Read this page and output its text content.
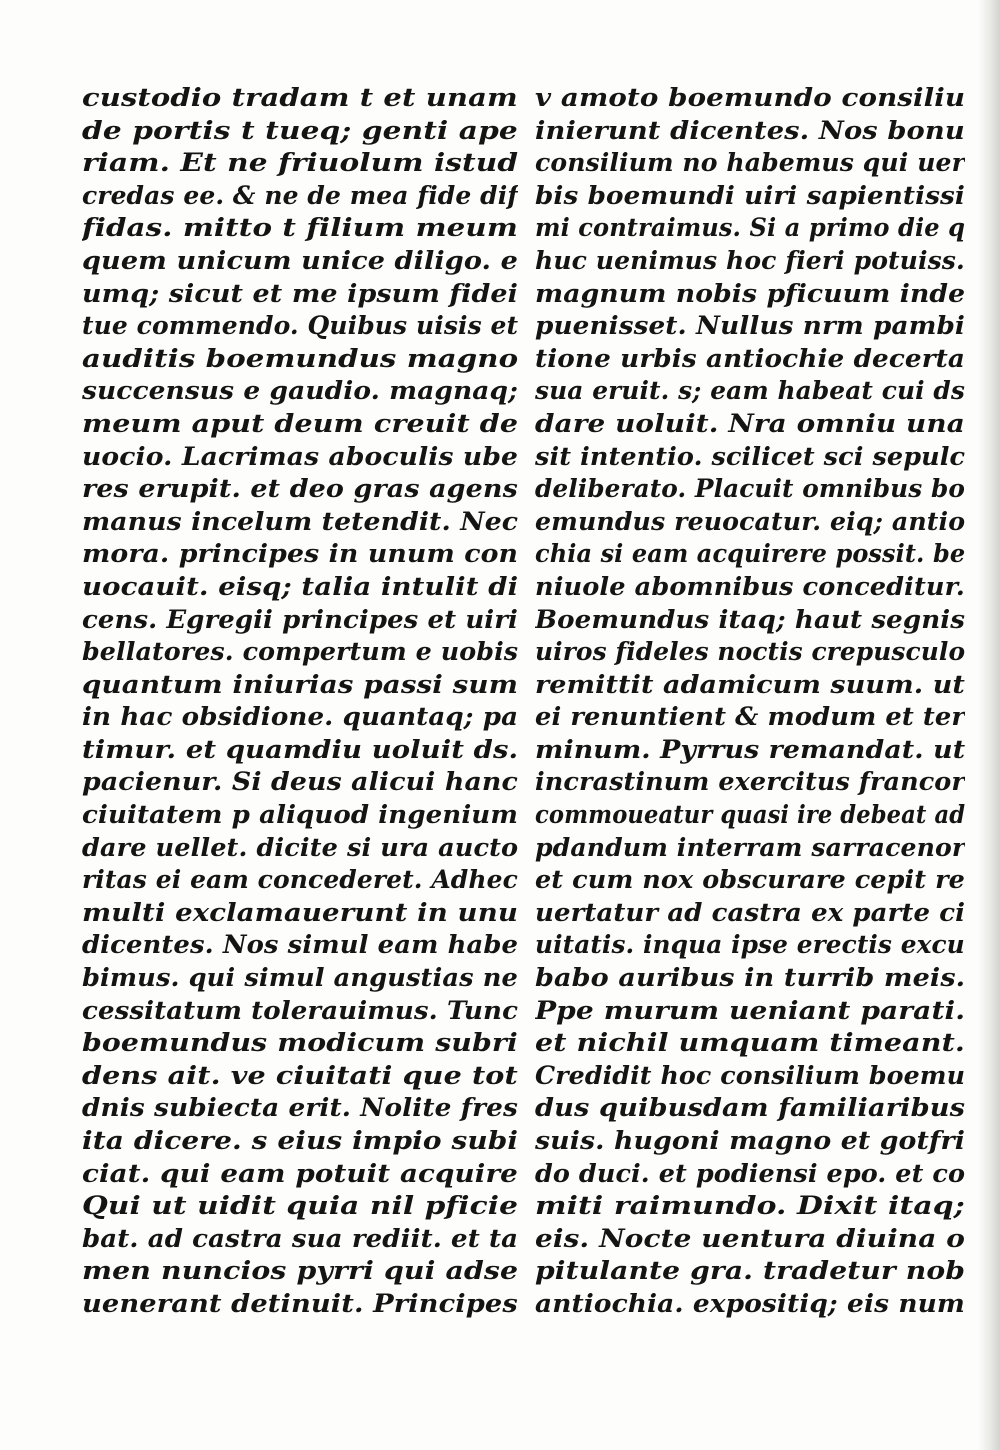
custodio tradam t et unam
de portis t tueq; genti ape
riam. Et ne friuolum istud
credas ee. & ne de mea fide dif
fidas. mitto t filium meum
quem unicum unice diligo. e
umq; sicut et me ipsum fidei
tue commendo. Quibus uisis et
auditis boemundus magno
succensus e gaudio. magnaq;
meum aput deum creuit de
uocio. Lacrimas aboculis ube
res erupit. et deo gras agens
manus incelum tetendit. Nec
mora. principes in unum con
uocauit. eisq; talia intulit di
cens. Egregii principes et uiri
bellatores. compertum e uobis
quantum iniurias passi sum
in hac obsidione. quantaq; pa
timur. et quamdiu uoluit ds.
pacienur. Si deus alicui hanc
ciuitatem p aliquod ingenium
dare uellet. dicite si ura aucto
ritas ei eam concederet. Adhec
multi exclamauerunt in unu
dicentes. Nos simul eam habe
bimus. qui simul angustias ne
cessitatum tolerauimus. Tunc
boemundus modicum subri
dens ait. ve ciuitati que tot
dnis subiecta erit. Nolite fres
ita dicere. s eius impio subi
ciat. qui eam potuit acquire
Qui ut uidit quia nil pficie
bat. ad castra sua rediit. et ta
men nuncios pyrri qui adse
uenerant detinuit. Principes
v amoto boemundo consiliu
inierunt dicentes. Nos bonu
consilium no habemus qui uer
bis boemundi uiri sapientissi
mi contraimus. Si a primo die q
huc uenimus hoc fieri potuiss.
magnum nobis pficuum inde
puenisset. Nullus nrm pambi
tione urbis antiochie decerta
sua eruit. s; eam habeat cui ds
dare uoluit. Nra omniu una
sit intentio. scilicet sci sepulc
deliberato. Placuit omnibus bo
emundus reuocatur. eiq; antio
chia si eam acquirere possit. be
niuole abomnibus conceditur.
Boemundus itaq; haut segnis
uiros fideles noctis crepusculo
remittit adamicum suum. ut
ei renuntient & modum et ter
minum. Pyrrus remandat. ut
incrastinum exercitus francor
commoueatur quasi ire debeat ad
pdandum interram sarracenor
et cum nox obscurare cepit re
uertatur ad castra ex parte ci
uitatis. inqua ipse erectis excu
babo auribus in turrib meis.
Ppe murum ueniant parati.
et nichil umquam timeant.
Credidit hoc consilium boemu
dus quibusdam familiaribus
suis. hugoni magno et gotfri
do duci. et podiensi epo. et co
miti raimundo. Dixit itaq;
eis. Nocte uentura diuina o
pitulante gra. tradetur nob
antiochia. expositiq; eis num
